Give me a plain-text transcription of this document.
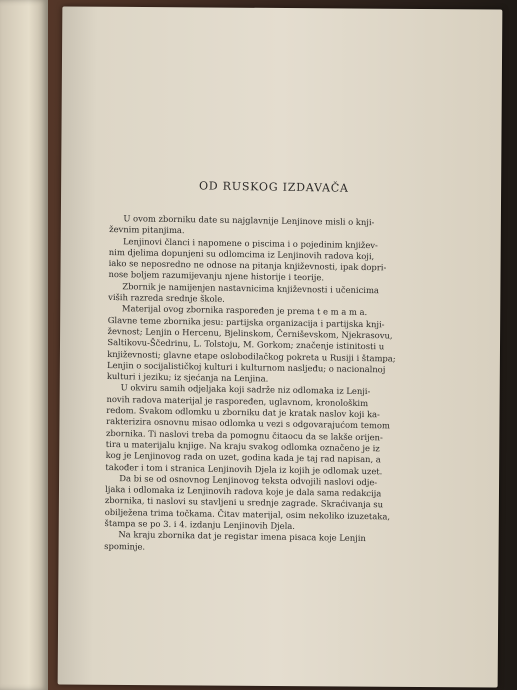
OD RUSKOG IZDAVAČA

U ovom zborniku date su najglavnije Lenjinove misli o knji-
ževnim pitanjima.

Lenjinovi članci i napomene o piscima i o pojedinim književ-
nim djelima dopunjeni su odlomcima iz Lenjinovih radova koji,
iako se neposredno ne odnose na pitanja književnosti, ipak dopri-
nose boljem razumijevanju njene historije i teorije.

Zbornik je namijenjen nastavnicima književnosti i učenicima
viših razreda srednje škole.

Materijal ovog zbornika raspoređen je prema t e m a m a.
Glavne teme zbornika jesu: partijska organizacija i partijska knji-
ževnost; Lenjin o Hercenu, Bjelinskom, Černiševskom, Njekrasovu,
Saltikovu-Ščedrinu, L. Tolstoju, M. Gorkom; značenje istinitosti u
književnosti; glavne etape oslobodilačkog pokreta u Rusiji i štampa;
Lenjin o socijalističkoj kulturi i kulturnom nasljeđu; o nacionalnoj
kulturi i jeziku; iz sjećanja na Lenjina.

U okviru samih odjeljaka koji sadrže niz odlomaka iz Lenji-
novih radova materijal je raspoređen, uglavnom, kronološkim
redom. Svakom odlomku u zborniku dat je kratak naslov koji ka-
rakterizira osnovnu misao odlomka u vezi s odgovarajućom temom
zbornika. Ti naslovi treba da pomognu čitaocu da se lakše orijen-
tira u materijalu knjige. Na kraju svakog odlomka označeno je iz
kog je Lenjinovog rada on uzet, godina kada je taj rad napisan, a
također i tom i stranica Lenjinovih Djela iz kojih je odlomak uzet.

Da bi se od osnovnog Lenjinovog teksta odvojili naslovi odje-
ljaka i odlomaka iz Lenjinovih radova koje je dala sama redakcija
zbornika, ti naslovi su stavljeni u srednje zagrade. Skraćivanja su
obilježena trima točkama. Čitav materijal, osim nekoliko izuzetaka,
štampa se po 3. i 4. izdanju Lenjinovih Djela.

Na kraju zbornika dat je registar imena pisaca koje Lenjin
spominje.
